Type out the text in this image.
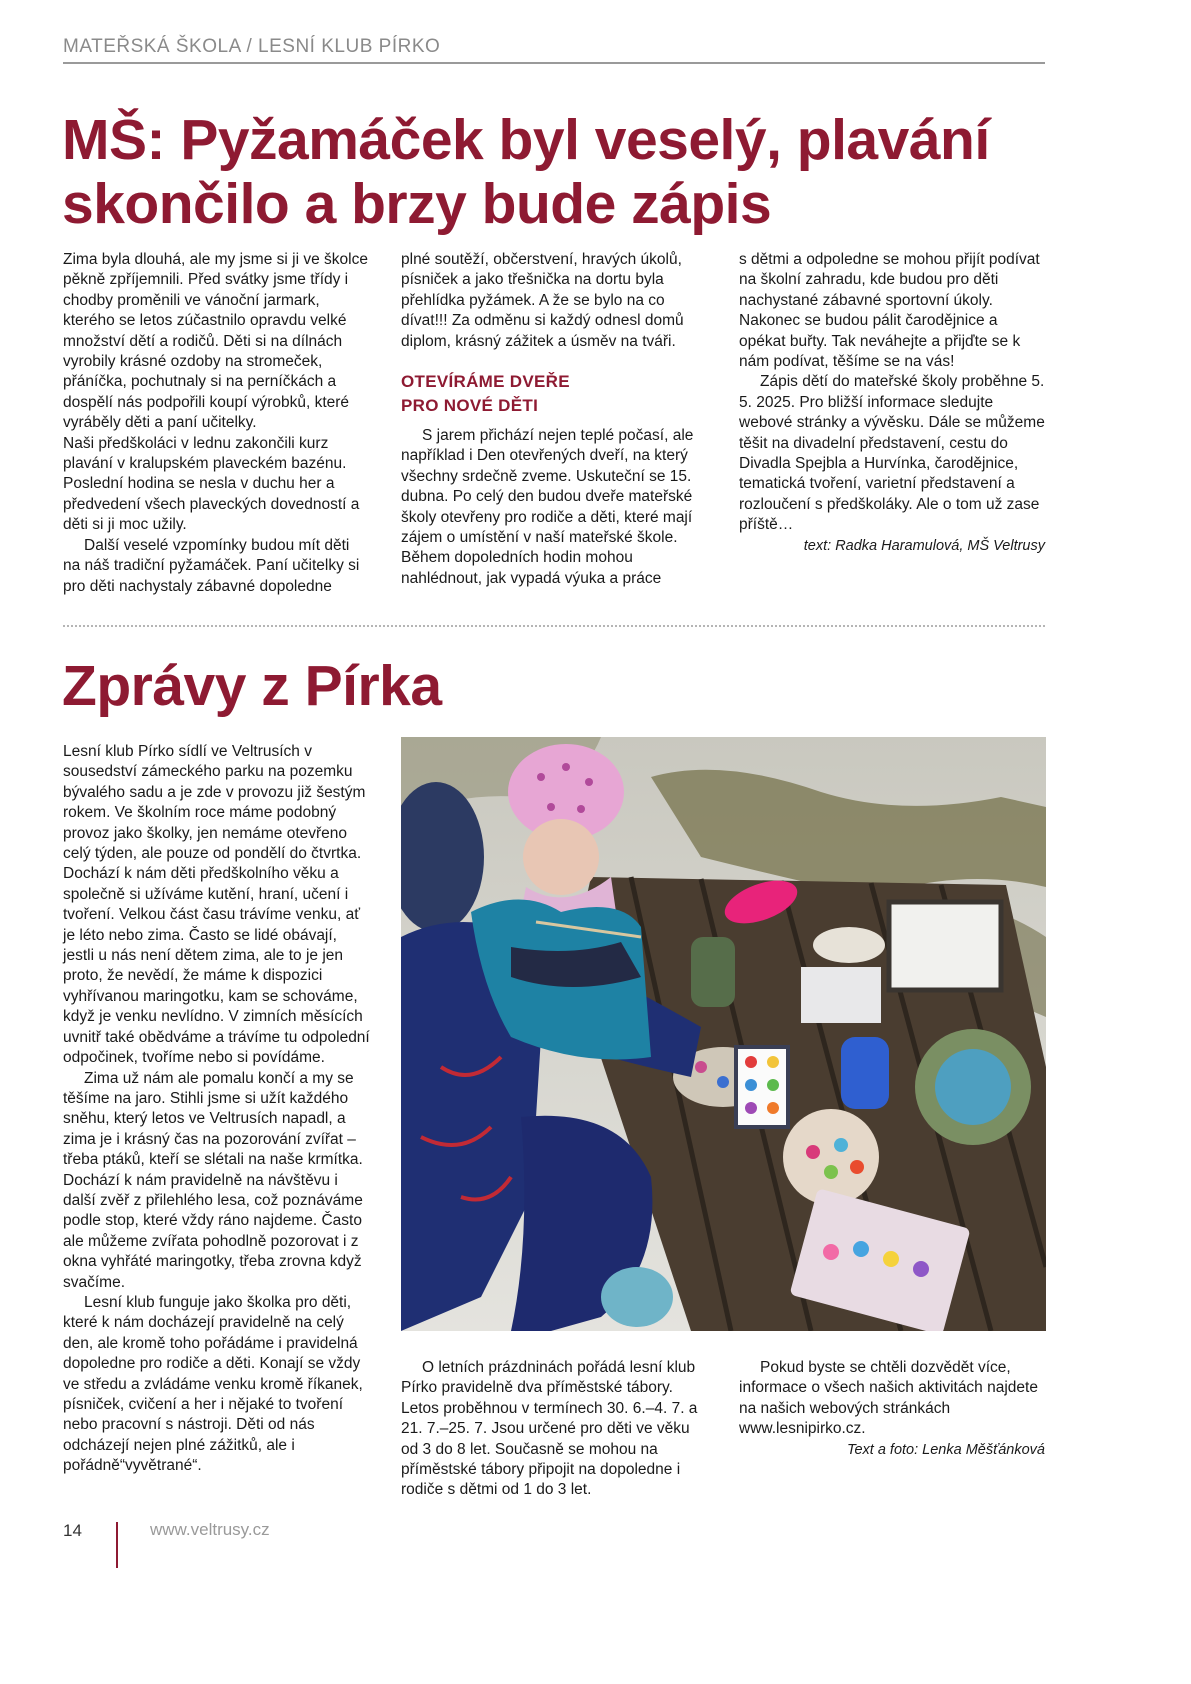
MATEŘSKÁ ŠKOLA / LESNÍ KLUB PÍRKO
MŠ: Pyžamáček byl veselý, plavání skončilo a brzy bude zápis

Zima byla dlouhá, ale my jsme si ji ve školce pěkně zpříjemnili. Před svátky jsme třídy i chodby proměnili ve vánoční jarmark, kterého se letos zúčastnilo opravdu velké množství dětí a rodičů. Děti si na dílnách vyrobily krásné ozdoby na stromeček, přáníčka, pochutnaly si na perníčkách a dospělí nás podpořili koupí výrobků, které vyráběly děti a paní učitelky.

Naši předškoláci v lednu zakončili kurz plavání v kralupském plaveckém bazénu. Poslední hodina se nesla v duchu her a předvedení všech plaveckých dovedností a děti si ji moc užily.

Další veselé vzpomínky budou mít děti na náš tradiční pyžamáček. Paní učitelky si pro děti nachystaly zábavné dopoledne

plné soutěží, občerstvení, hravých úkolů, písniček a jako třešnička na dortu byla přehlídka pyžámek. A že se bylo na co dívat!!! Za odměnu si každý odnesl domů diplom, krásný zážitek a úsměv na tváři.

OTEVÍRÁME DVEŘE

PRO NOVÉ DĚTI

S jarem přichází nejen teplé počasí, ale například i Den otevřených dveří, na který všechny srdečně zveme. Uskuteční se 15. dubna. Po celý den budou dveře mateřské školy otevřeny pro rodiče a děti, které mají zájem o umístění v naší mateřské škole. Během dopoledních hodin mohou nahlédnout, jak vypadá výuka a práce

s dětmi a odpoledne se mohou přijít podívat na školní zahradu, kde budou pro děti nachystané zábavné sportovní úkoly. Nakonec se budou pálit čarodějnice a opékat buřty. Tak neváhejte a přijďte se k nám podívat, těšíme se na vás!

Zápis dětí do mateřské školy proběhne 5. 5. 2025. Pro bližší informace sledujte webové stránky a vývěsku. Dále se můžeme těšit na divadelní představení, cestu do Divadla Spejbla a Hurvínka, čarodějnice, tematická tvoření, varietní představení a rozloučení s předškoláky. Ale o tom už zase příště…

text: Radka Haramulová, MŠ Veltrusy

Zprávy z Pírka

Lesní klub Pírko sídlí ve Veltrusích v sousedství zámeckého parku na pozemku bývalého sadu a je zde v provozu již šestým rokem. Ve školním roce máme podobný provoz jako školky, jen nemáme otevřeno celý týden, ale pouze od pondělí do čtvrtka. Dochází k nám děti předškolního věku a společně si užíváme kutění, hraní, učení i tvoření. Velkou část času trávíme venku, ať je léto nebo zima. Často se lidé obávají, jestli u nás není dětem zima, ale to je jen proto, že nevědí, že máme k dispozici vyhřívanou maringotku, kam se schováme, když je venku nevlídno. V zimních měsících uvnitř také obědváme a trávíme tu odpolední odpočinek, tvoříme nebo si povídáme.

Zima už nám ale pomalu končí a my se těšíme na jaro. Stihli jsme si užít každého sněhu, který letos ve Veltrusích napadl, a zima je i krásný čas na pozorování zvířat – třeba ptáků, kteří se slétali na naše krmítka. Dochází k nám pravidelně na návštěvu i další zvěř z přilehlého lesa, což poznáváme podle stop, které vždy ráno najdeme. Často ale můžeme zvířata pohodlně pozorovat i z okna vyhřáté maringotky, třeba zrovna když svačíme.

Lesní klub funguje jako školka pro děti, které k nám docházejí pravidelně na celý den, ale kromě toho pořádáme i pravidelná dopoledne pro rodiče a děti. Konají se vždy ve středu a zvládáme venku kromě říkanek, písniček, cvičení a her i nějaké to tvoření nebo pracovní s nástroji. Děti od nás odcházejí nejen plné zážitků, ale i pořádně“vyvětrané“.

O letních prázdninách pořádá lesní klub Pírko pravidelně dva příměstské tábory. Letos proběhnou v termínech 30. 6.–4. 7. a 21. 7.–25. 7. Jsou určené pro děti ve věku od 3 do 8 let. Současně se mohou na příměstské tábory připojit na dopoledne i rodiče s dětmi od 1 do 3 let.

Pokud byste se chtěli dozvědět více, informace o všech našich aktivitách najdete na našich webových stránkách www.lesnipirko.cz.

Text a foto: Lenka Měšťánková

14	www.veltrusy.cz
